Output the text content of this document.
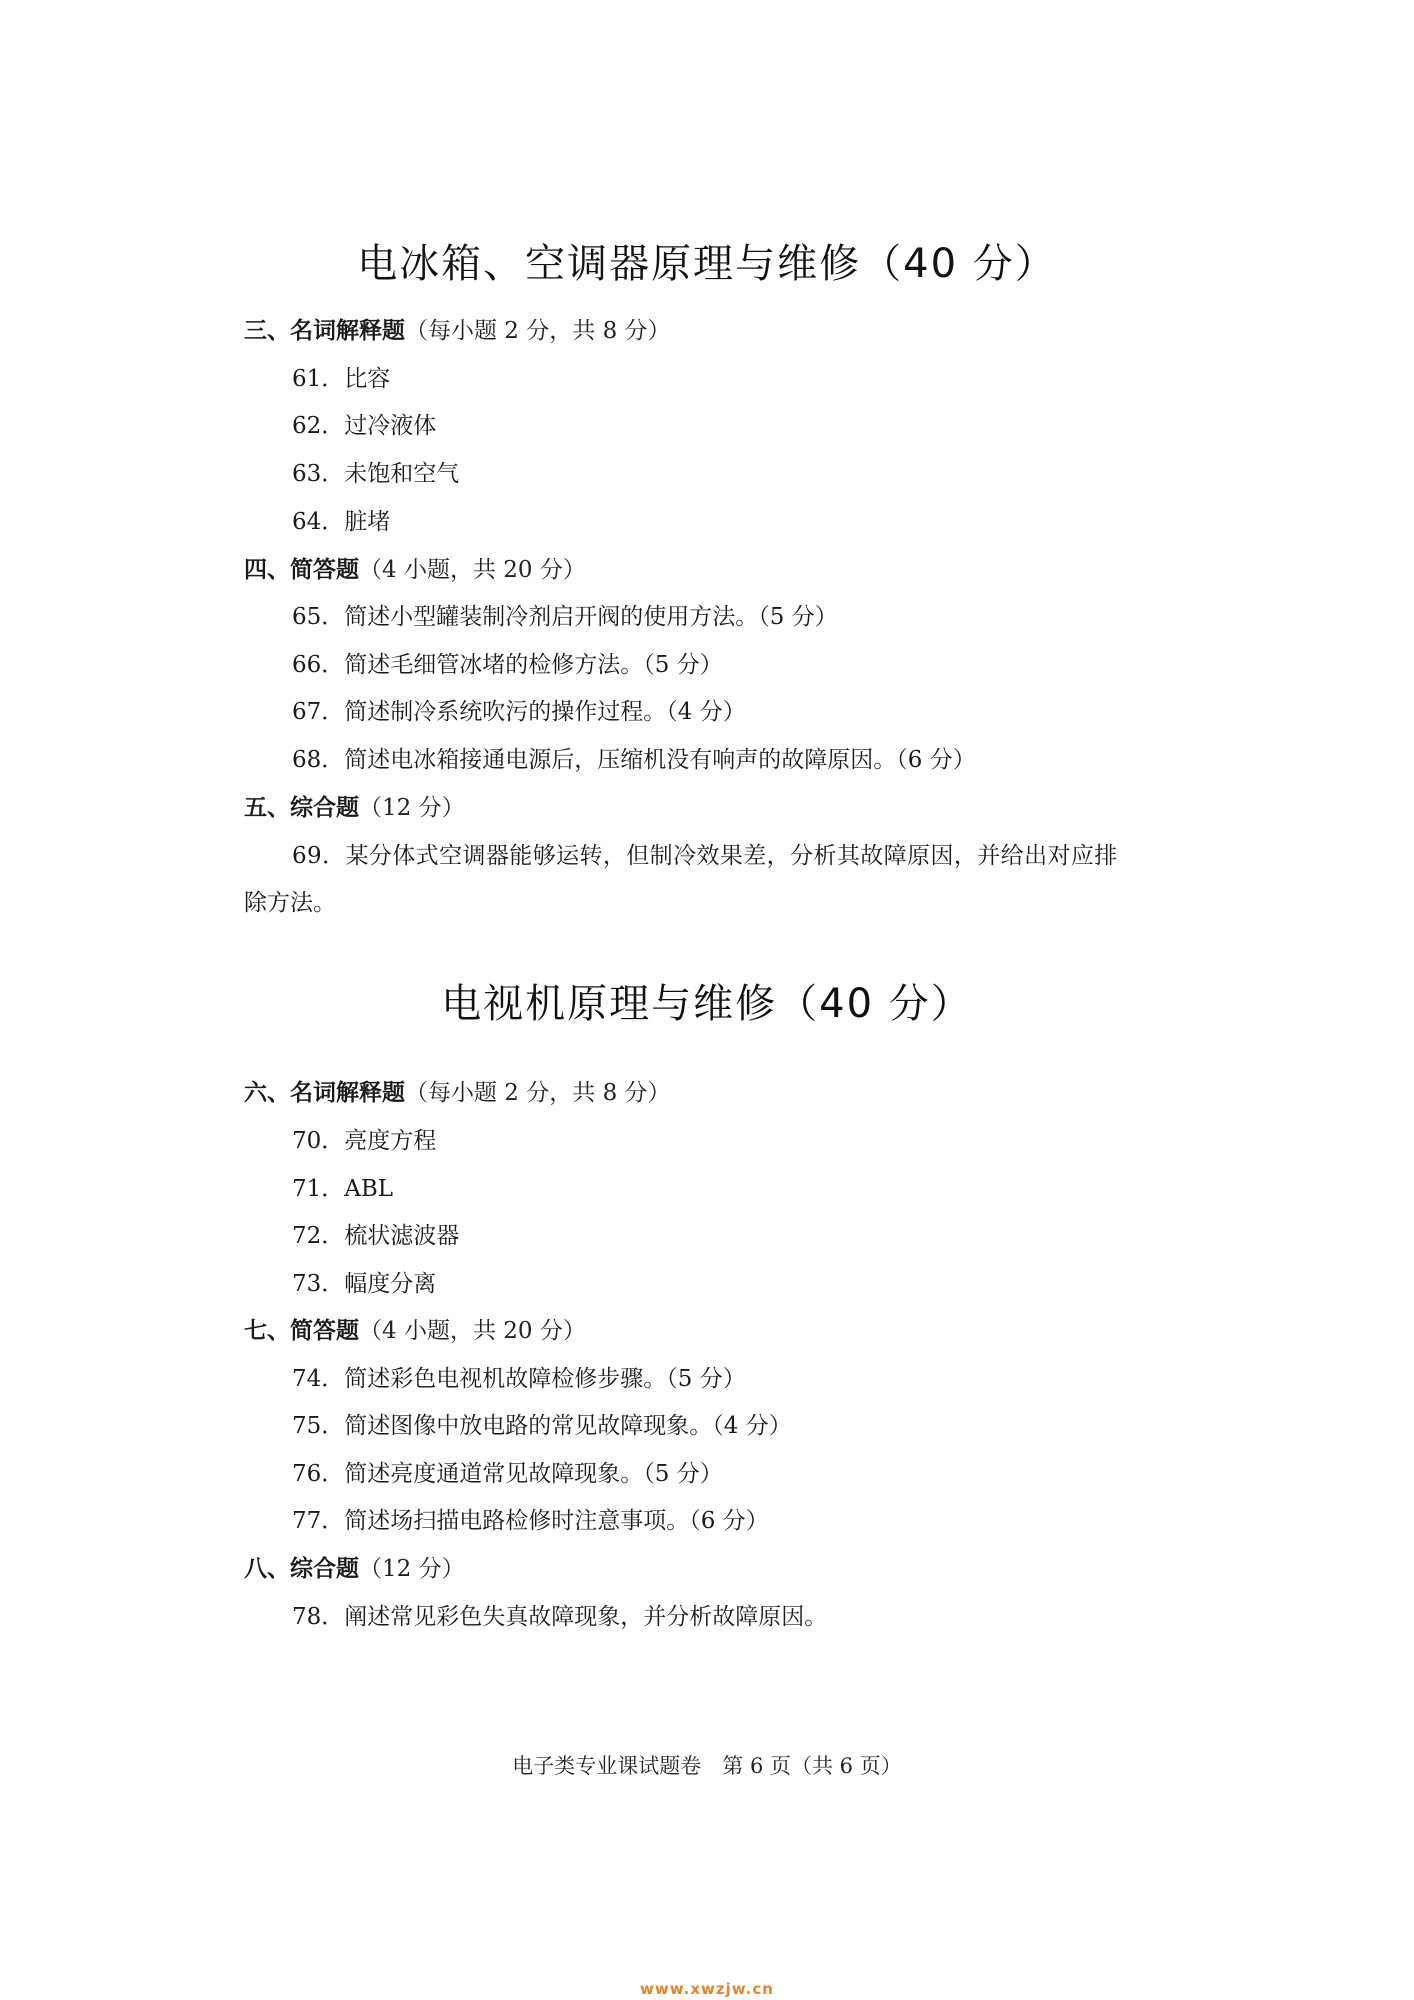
电冰箱、空调器原理与维修（40 分）
三、名词解释题（每小题 2 分，共 8 分）
61．比容
62．过冷液体
63．未饱和空气
64．脏堵
四、简答题（4 小题，共 20 分）
65．简述小型罐装制冷剂启开阀的使用方法。（5 分）
66．简述毛细管冰堵的检修方法。（5 分）
67．简述制冷系统吹污的操作过程。（4 分）
68．简述电冰箱接通电源后，压缩机没有响声的故障原因。（6 分）
五、综合题（12 分）
69．某分体式空调器能够运转，但制冷效果差，分析其故障原因，并给出对应排
除方法。
电视机原理与维修（40 分）
六、名词解释题（每小题 2 分，共 8 分）
70．亮度方程
71．ABL
72．梳状滤波器
73．幅度分离
七、简答题（4 小题，共 20 分）
74．简述彩色电视机故障检修步骤。（5 分）
75．简述图像中放电路的常见故障现象。（4 分）
76．简述亮度通道常见故障现象。（5 分）
77．简述场扫描电路检修时注意事项。（6 分）
八、综合题（12 分）
78．阐述常见彩色失真故障现象，并分析故障原因。
电子类专业课试题卷　第 6 页（共 6 页）
www.xwzjw.cn
